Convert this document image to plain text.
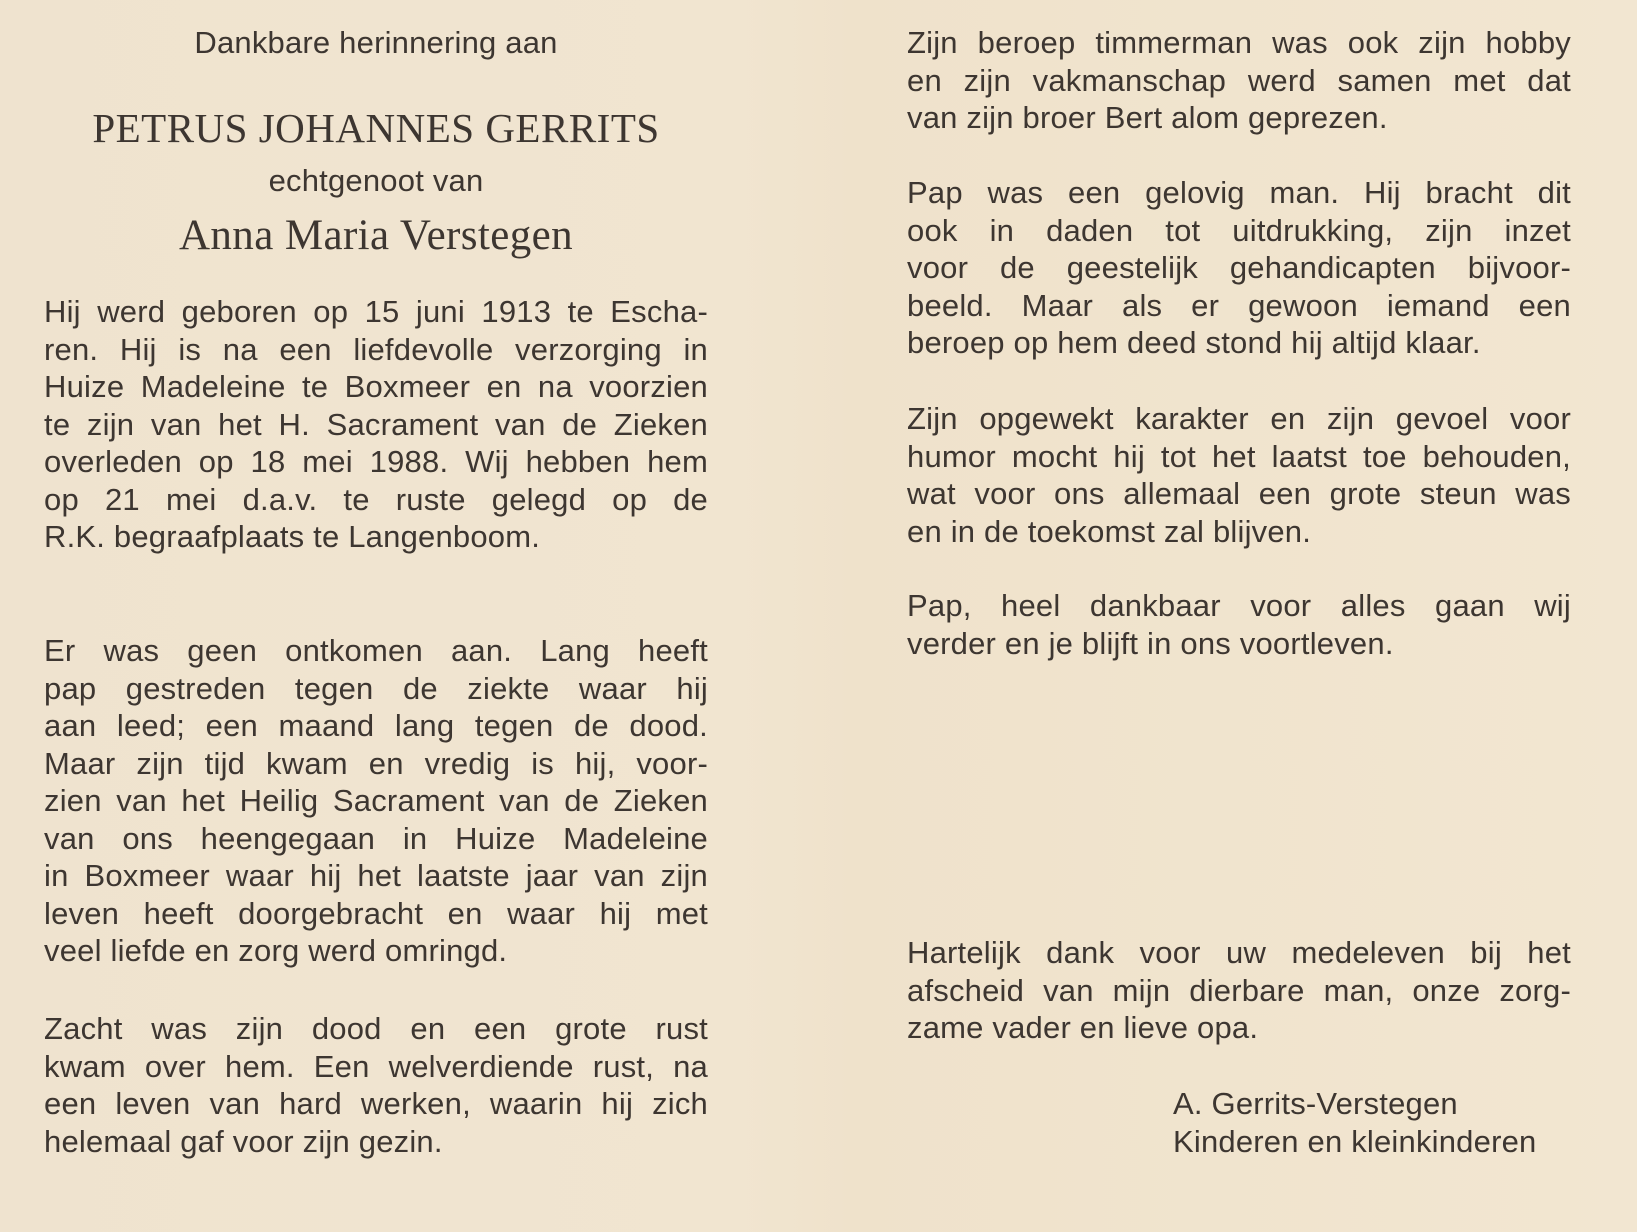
Dankbare herinnering aan
PETRUS JOHANNES GERRITS
echtgenoot van
Anna Maria Verstegen
Hij werd geboren op 15 juni 1913 te Escha-
ren. Hij is na een liefdevolle verzorging in
Huize Madeleine te Boxmeer en na voorzien
te zijn van het H. Sacrament van de Zieken
overleden op 18 mei 1988. Wij hebben hem
op 21 mei d.a.v. te ruste gelegd op de
R.K. begraafplaats te Langenboom.
Er was geen ontkomen aan. Lang heeft
pap gestreden tegen de ziekte waar hij
aan leed; een maand lang tegen de dood.
Maar zijn tijd kwam en vredig is hij, voor-
zien van het Heilig Sacrament van de Zieken
van ons heengegaan in Huize Madeleine
in Boxmeer waar hij het laatste jaar van zijn
leven heeft doorgebracht en waar hij met
veel liefde en zorg werd omringd.
Zacht was zijn dood en een grote rust
kwam over hem. Een welverdiende rust, na
een leven van hard werken, waarin hij zich
helemaal gaf voor zijn gezin.
Zijn beroep timmerman was ook zijn hobby
en zijn vakmanschap werd samen met dat
van zijn broer Bert alom geprezen.
Pap was een gelovig man. Hij bracht dit
ook in daden tot uitdrukking, zijn inzet
voor de geestelijk gehandicapten bijvoor-
beeld. Maar als er gewoon iemand een
beroep op hem deed stond hij altijd klaar.
Zijn opgewekt karakter en zijn gevoel voor
humor mocht hij tot het laatst toe behouden,
wat voor ons allemaal een grote steun was
en in de toekomst zal blijven.
Pap, heel dankbaar voor alles gaan wij
verder en je blijft in ons voortleven.
Hartelijk dank voor uw medeleven bij het
afscheid van mijn dierbare man, onze zorg-
zame vader en lieve opa.
A. Gerrits-Verstegen
Kinderen en kleinkinderen
